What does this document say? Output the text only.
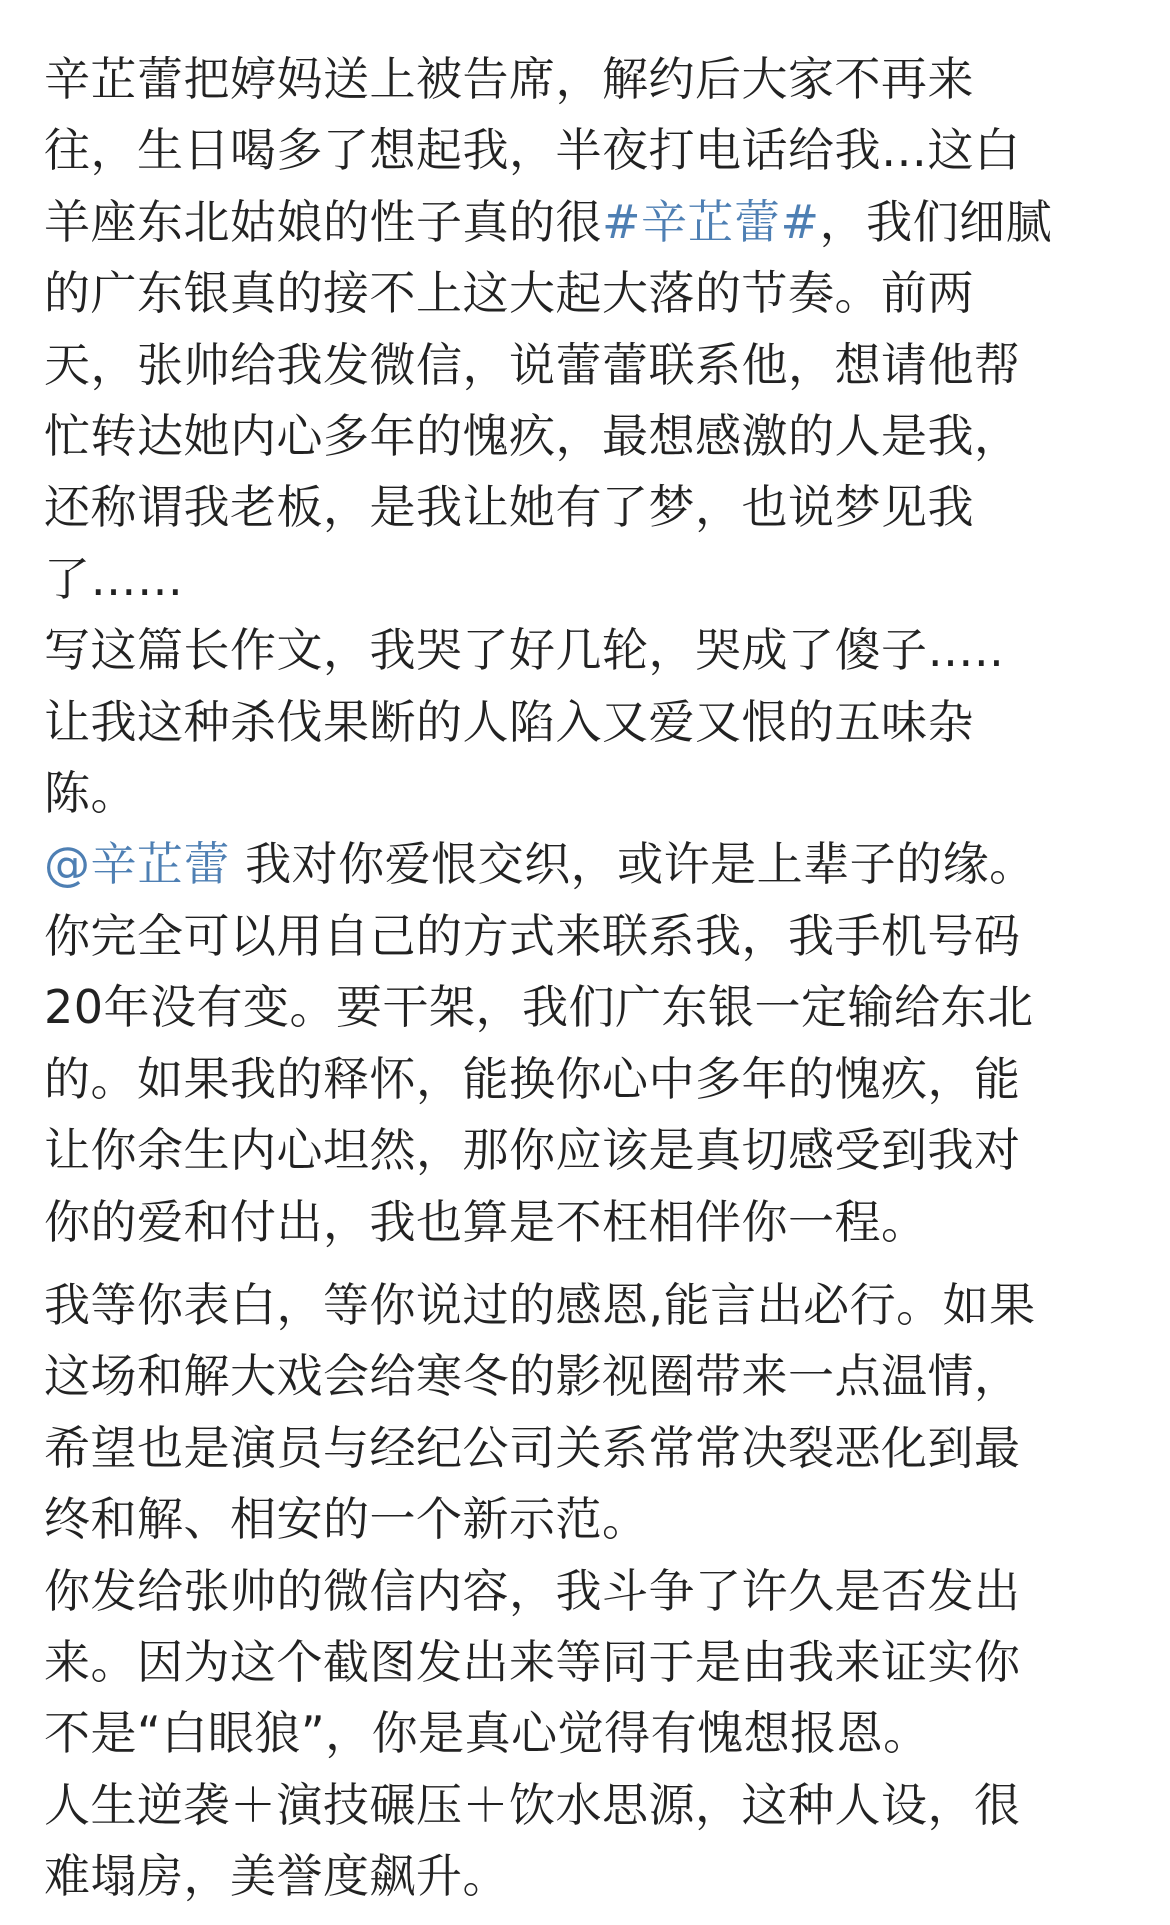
辛芷蕾把婷妈送上被告席，解约后大家不再来
往，生日喝多了想起我，半夜打电话给我…这白
羊座东北姑娘的性子真的很#辛芷蕾#，我们细腻
的广东银真的接不上这大起大落的节奏。前两
天，张帅给我发微信，说蕾蕾联系他，想请他帮
忙转达她内心多年的愧疚，最想感激的人是我，
还称谓我老板，是我让她有了梦，也说梦见我
了……

写这篇长作文，我哭了好几轮，哭成了傻子…..
让我这种杀伐果断的人陷入又爱又恨的五味杂
陈。

@辛芷蕾 我对你爱恨交织，或许是上辈子的缘。
你完全可以用自己的方式来联系我，我手机号码
20年没有变。要干架，我们广东银一定输给东北
的。如果我的释怀，能换你心中多年的愧疚，能
让你余生内心坦然，那你应该是真切感受到我对
你的爱和付出，我也算是不枉相伴你一程。

我等你表白，等你说过的感恩,能言出必行。如果
这场和解大戏会给寒冬的影视圈带来一点温情，
希望也是演员与经纪公司关系常常决裂恶化到最
终和解、相安的一个新示范。

你发给张帅的微信内容，我斗争了许久是否发出
来。因为这个截图发出来等同于是由我来证实你
不是“白眼狼”，你是真心觉得有愧想报恩。

人生逆袭＋演技碾压＋饮水思源，这种人设，很
难塌房，美誉度飙升。
